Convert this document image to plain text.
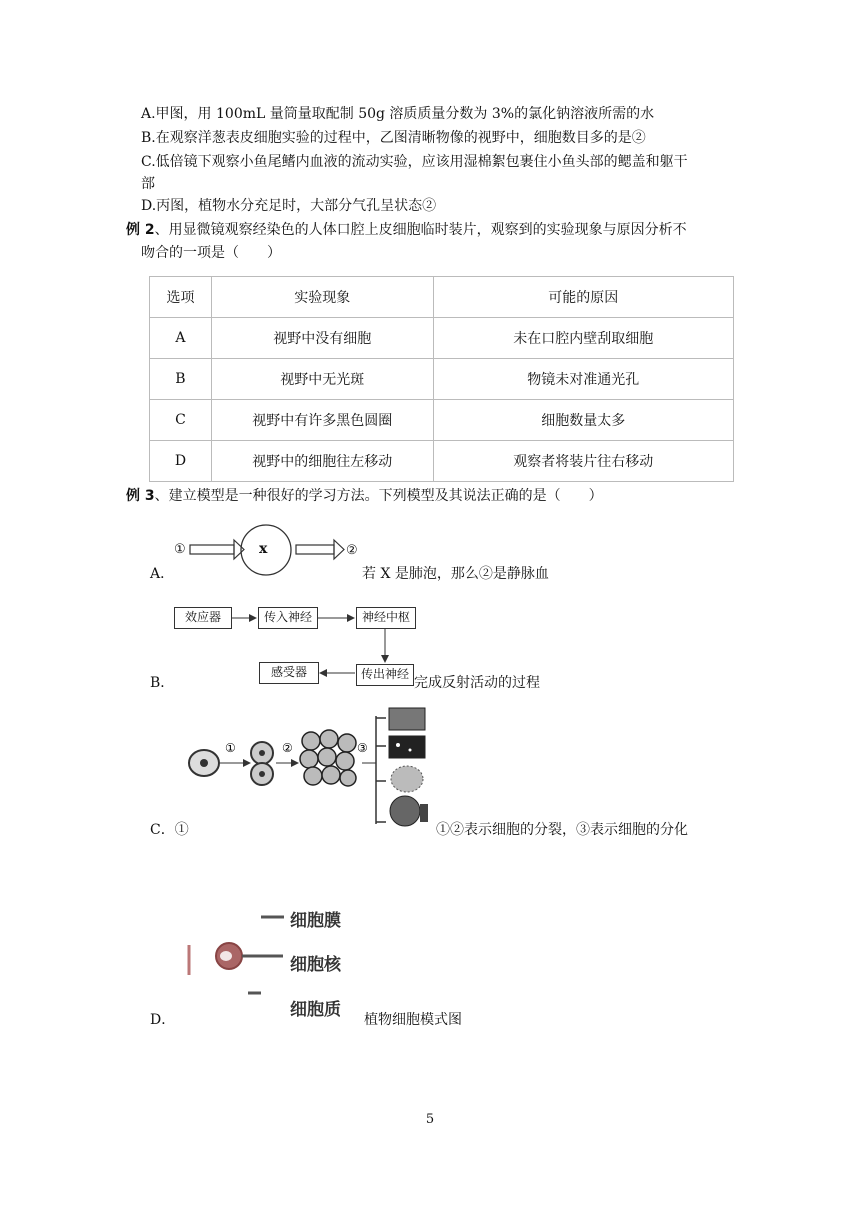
A.甲图，用 100mL 量筒量取配制 50g 溶质质量分数为 3%的氯化钠溶液所需的水
B.在观察洋葱表皮细胞实验的过程中，乙图清晰物像的视野中，细胞数目多的是②
C.低倍镜下观察小鱼尾鳍内血液的流动实验，应该用湿棉絮包裹住小鱼头部的鳃盖和躯干
部
D.丙图，植物水分充足时，大部分气孔呈状态②
例 2、用显微镜观察经染色的人体口腔上皮细胞临时装片，观察到的实验现象与原因分析不
吻合的一项是（　　）
选项	实验现象	可能的原因
A	视野中没有细胞	未在口腔内壁刮取细胞
B	视野中无光斑	物镜未对准通光孔
C	视野中有许多黑色圆圈	细胞数量太多
D	视野中的细胞往左移动	观察者将装片往右移动
例 3、建立模型是一种很好的学习方法。下列模型及其说法正确的是（　　）
①	x	②
A．	若 X 是肺泡，那么②是静脉血
效应器	传入神经	神经中枢
传出神经
感受器
B．	完成反射活动的过程
①	②	③
C．①	①②表示细胞的分裂，③表示细胞的分化
细胞膜
细胞核
细胞质
D．	植物细胞模式图
5
